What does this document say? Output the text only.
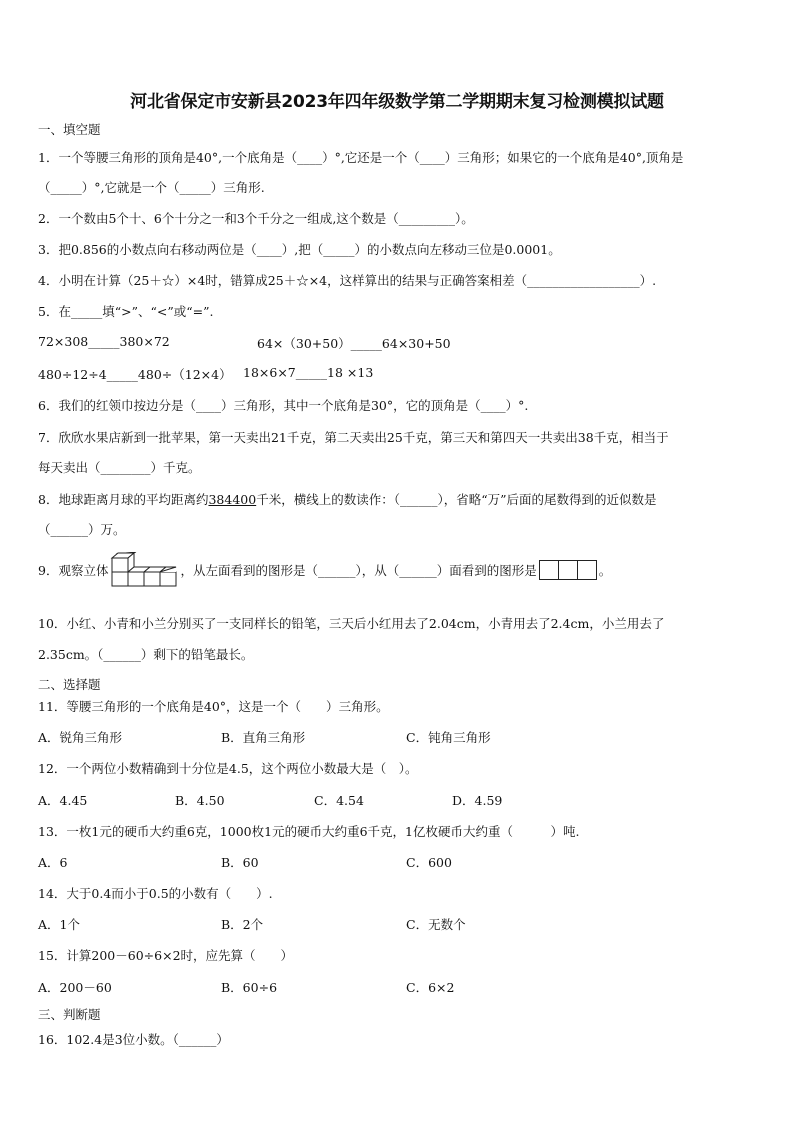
河北省保定市安新县2023年四年级数学第二学期期末复习检测模拟试题
一、填空题
1．一个等腰三角形的顶角是40°,一个底角是（____）°,它还是一个（____）三角形；如果它的一个底角是40°,顶角是
（_____）°,它就是一个（_____）三角形.
2．一个数由5个十、6个十分之一和3个千分之一组成,这个数是（_________）。
3．把0.856的小数点向右移动两位是（____）,把（_____）的小数点向左移动三位是0.0001。
4．小明在计算（25＋☆）×4时，错算成25＋☆×4，这样算出的结果与正确答案相差（__________________）.
5．在_____填“>”、“<”或“=”.
72×308_____380×72	64×（30+50）_____64×30+50
480÷12÷4_____480÷（12×4） 18×6×7_____18 ×13
6．我们的红领巾按边分是（____）三角形，其中一个底角是30°，它的顶角是（____）°.
7．欣欣水果店新到一批苹果，第一天卖出21千克，第二天卖出25千克，第三天和第四天一共卖出38千克，相当于
每天卖出（________）千克。
8．地球距离月球的平均距离约384400千米，横线上的数读作：（______），省略“万”后面的尾数得到的近似数是
（______）万。
9．观察立体	，从左面看到的图形是（______），从（______）面看到的图形是	。
10．小红、小青和小兰分别买了一支同样长的铅笔，三天后小红用去了2.04cm，小青用去了2.4cm，小兰用去了
2.35cm。（______）剩下的铅笔最长。
二、选择题
11．等腰三角形的一个底角是40°，这是一个（　　）三角形。
A．锐角三角形	B．直角三角形	C．钝角三角形
12．一个两位小数精确到十分位是4.5，这个两位小数最大是（　）。
A．4.45	B．4.50	C．4.54	D．4.59
13．一枚1元的硬币大约重6克，1000枚1元的硬币大约重6千克，1亿枚硬币大约重（　　　）吨.
A．6	B．60	C．600
14．大于0.4而小于0.5的小数有（　　）.
A．1个	B．2个	C．无数个
15．计算200－60÷6×2时，应先算（　　）
A．200－60	B．60÷6	C．6×2
三、判断题
16．102.4是3位小数。（______）
